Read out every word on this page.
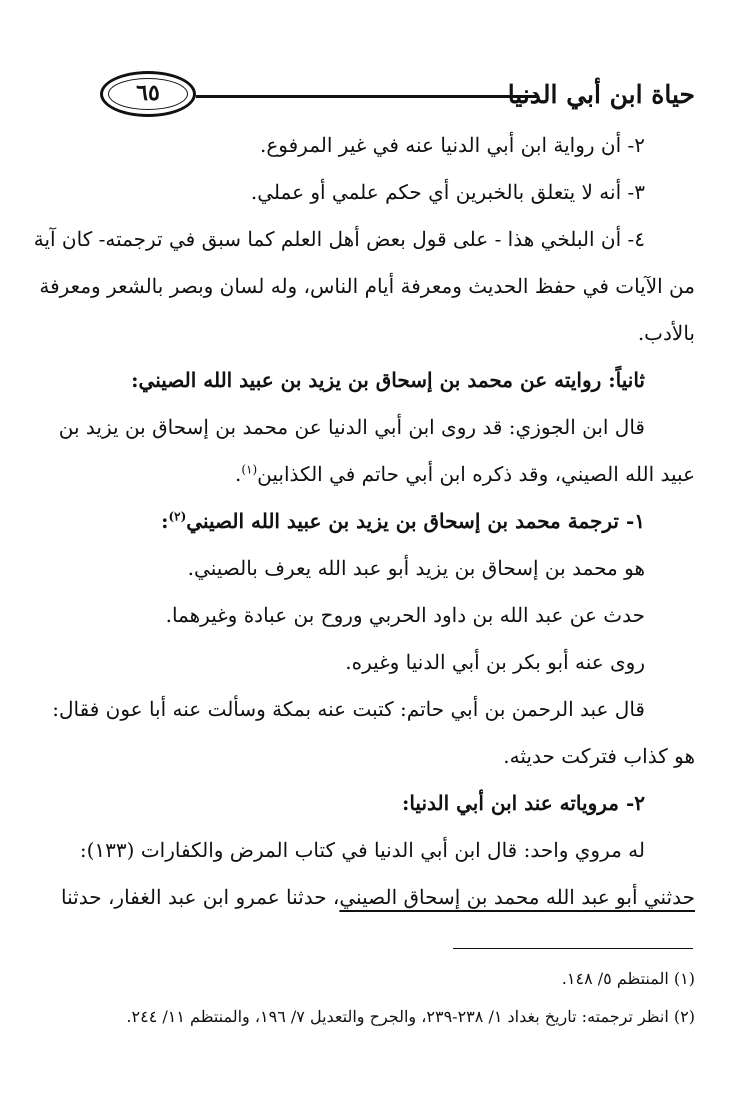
حياة ابن أبي الدنيا
٦٥
٢- أن رواية ابن أبي الدنيا عنه في غير المرفوع.
٣- أنه لا يتعلق بالخبرين أي حكم علمي أو عملي.
٤- أن البلخي هذا - على قول بعض أهل العلم كما سبق في ترجمته- كان آية
من الآيات في حفظ الحديث ومعرفة أيام الناس، وله لسان وبصر بالشعر ومعرفة
بالأدب.
ثانياً: روايته عن محمد بن إسحاق بن يزيد بن عبيد الله الصيني:
قال ابن الجوزي: قد روى ابن أبي الدنيا عن محمد بن إسحاق بن يزيد بن
عبيد الله الصيني، وقد ذكره ابن أبي حاتم في الكذابين$^{(١)}$.
١- ترجمة محمد بن إسحاق بن يزيد بن عبيد الله الصيني$^{(٢)}$:
هو محمد بن إسحاق بن يزيد أبو عبد الله يعرف بالصيني.
حدث عن عبد الله بن داود الحربي وروح بن عبادة وغيرهما.
روى عنه أبو بكر بن أبي الدنيا وغيره.
قال عبد الرحمن بن أبي حاتم: كتبت عنه بمكة وسألت عنه أبا عون فقال:
هو كذاب فتركت حديثه.
٢- مروياته عند ابن أبي الدنيا:
له مروي واحد: قال ابن أبي الدنيا في كتاب المرض والكفارات (١٣٣):
حدثني أبو عبد الله محمد بن إسحاق الصيني، حدثنا عمرو ابن عبد الغفار، حدثنا
(١) المنتظم ٥/ ١٤٨.
(٢) انظر ترجمته: تاريخ بغداد ١/ ٢٣٨-٢٣٩، والجرح والتعديل ٧/ ١٩٦، والمنتظم ١١/ ٢٤٤.
